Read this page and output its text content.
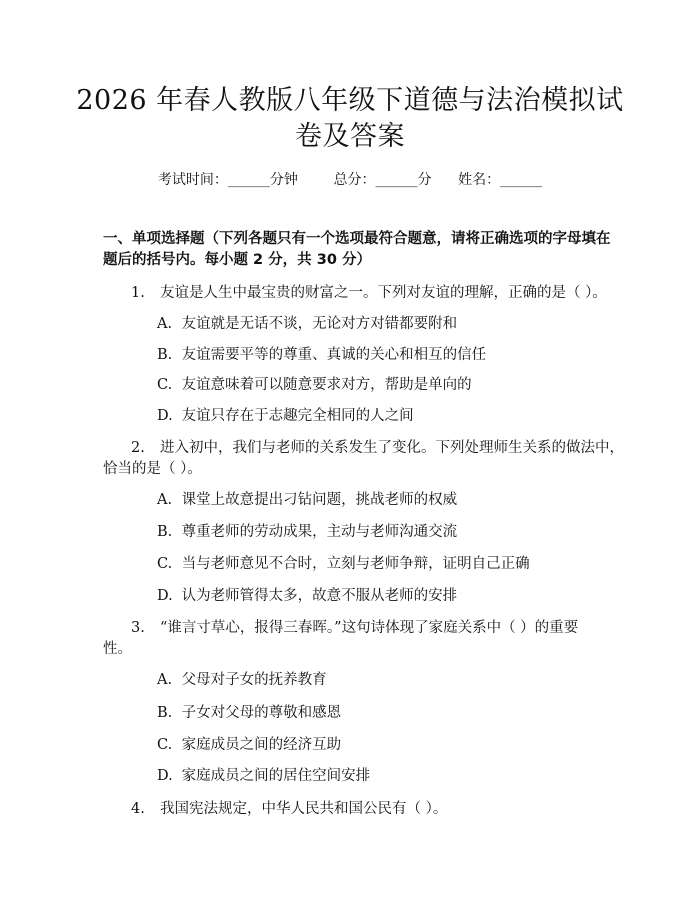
2026 年春人教版八年级下道德与法治模拟试
卷及答案
考试时间：______分钟	总分：______分 姓名：______
一、单项选择题（下列各题只有一个选项最符合题意，请将正确选项的字母填在
题后的括号内。每小题 2 分，共 30 分）
1. 友谊是人生中最宝贵的财富之一。下列对友谊的理解，正确的是（ ）。
A. 友谊就是无话不谈，无论对方对错都要附和
B. 友谊需要平等的尊重、真诚的关心和相互的信任
C. 友谊意味着可以随意要求对方，帮助是单向的
D. 友谊只存在于志趣完全相同的人之间
2. 进入初中，我们与老师的关系发生了变化。下列处理师生关系的做法中，
恰当的是（ ）。
A. 课堂上故意提出刁钻问题，挑战老师的权威
B. 尊重老师的劳动成果，主动与老师沟通交流
C. 当与老师意见不合时，立刻与老师争辩，证明自己正确
D. 认为老师管得太多，故意不服从老师的安排
3. “谁言寸草心，报得三春晖。”这句诗体现了家庭关系中（ ）的重要
性。
A. 父母对子女的抚养教育
B. 子女对父母的尊敬和感恩
C. 家庭成员之间的经济互助
D. 家庭成员之间的居住空间安排
4. 我国宪法规定，中华人民共和国公民有（ ）。
